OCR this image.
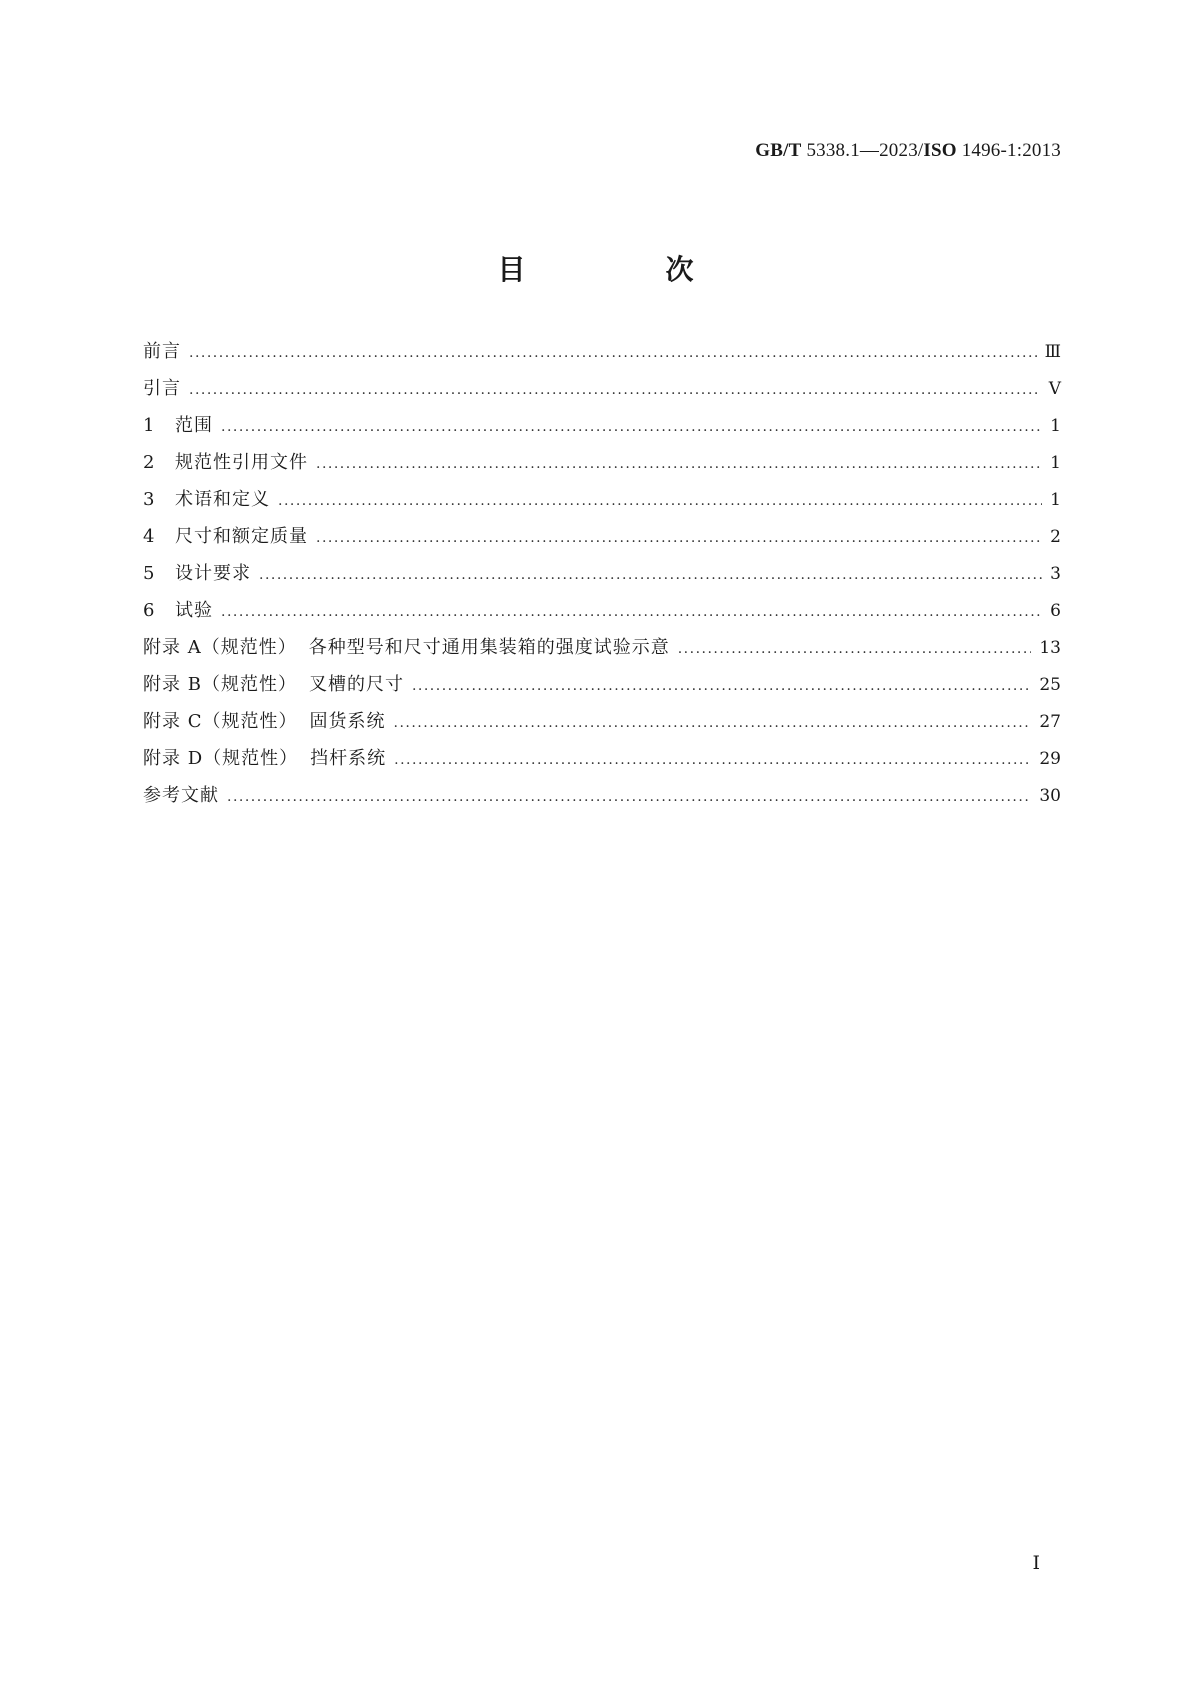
GB/T 5338.1—2023/ISO 1496-1:2013
目　次
前言 .....	Ⅲ
引言 .....	Ⅴ
1	范围 .....	1
2	规范性引用文件 .....	1
3	术语和定义 .....	1
4	尺寸和额定质量 .....	2
5	设计要求 .....	3
6	试验 .....	6
附录 A（规范性） 各种型号和尺寸通用集装箱的强度试验示意 .....	13
附录 B（规范性） 叉槽的尺寸 .....	25
附录 C（规范性） 固货系统 .....	27
附录 D（规范性） 挡杆系统 .....	29
参考文献 .....	30
Ⅰ
